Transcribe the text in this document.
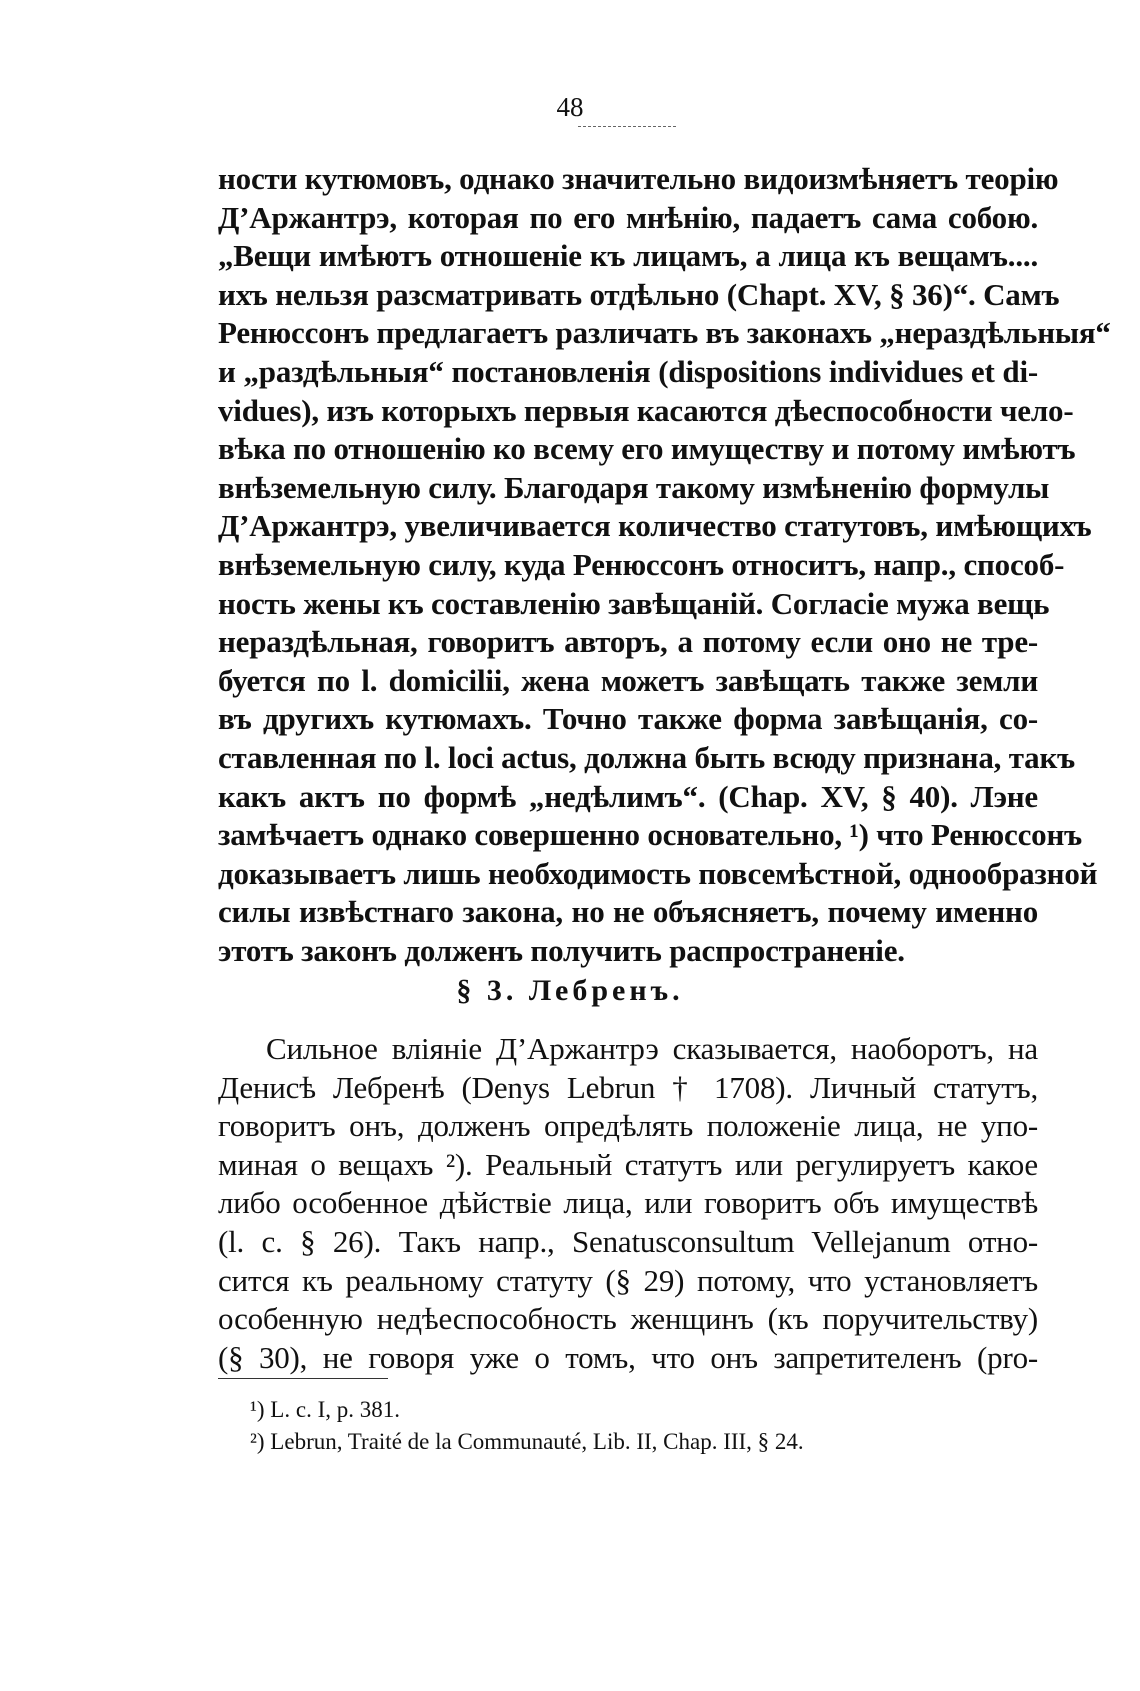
48
ности кутюмовъ, однако значительно видоизмѣняетъ теорію
Д’Аржантрэ, которая по его мнѣнію, падаетъ сама собою.
„Вещи имѣютъ отношеніе къ лицамъ, а лица къ вещамъ....
ихъ нельзя разсматривать отдѣльно (Chapt. XV, § 36)“. Самъ
Ренюссонъ предлагаетъ различать въ законахъ „нераздѣльныя“
и „раздѣльныя“ постановленія (dispositions individues et di-
vidues), изъ которыхъ первыя касаются дѣеспособности чело-
вѣка по отношенію ко всему его имуществу и потому имѣютъ
внѣземельную силу. Благодаря такому измѣненію формулы
Д’Аржантрэ, увеличивается количество статутовъ, имѣющихъ
внѣземельную силу, куда Ренюссонъ относитъ, напр., способ-
ность жены къ составленію завѣщаній. Согласіе мужа вещь
нераздѣльная, говоритъ авторъ, а потому если оно не тре-
буется по l. domicilii, жена можетъ завѣщать также земли
въ другихъ кутюмахъ. Точно также форма завѣщанія, со-
ставленная по l. loci actus, должна быть всюду признана, такъ
какъ актъ по формѣ „недѣлимъ“. (Chap. XV, § 40). Лэне
замѣчаетъ однако совершенно основательно, ¹) что Ренюссонъ
доказываетъ лишь необходимость повсемѣстной, однообразной
силы извѣстнаго закона, но не объясняетъ, почему именно
этотъ законъ долженъ получить распространеніе.
§ 3. Лебренъ.
Сильное вліяніе Д’Аржантрэ сказывается, наоборотъ, на
Денисѣ Лебренѣ (Denys Lebrun † 1708). Личный статутъ,
говоритъ онъ, долженъ опредѣлять положеніе лица, не упо-
миная о вещахъ ²). Реальный статутъ или регулируетъ какое
либо особенное дѣйствіе лица, или говоритъ объ имуществѣ
(l. c. § 26). Такъ напр., Senatusconsultum Vellejanum отно-
сится къ реальному статуту (§ 29) потому, что установляетъ
особенную недѣеспособность женщинъ (къ поручительству)
(§ 30), не говоря уже о томъ, что онъ запретителенъ (pro-
¹) L. c. I, p. 381.
²) Lebrun, Traité de la Communauté, Lib. II, Chap. III, § 24.
